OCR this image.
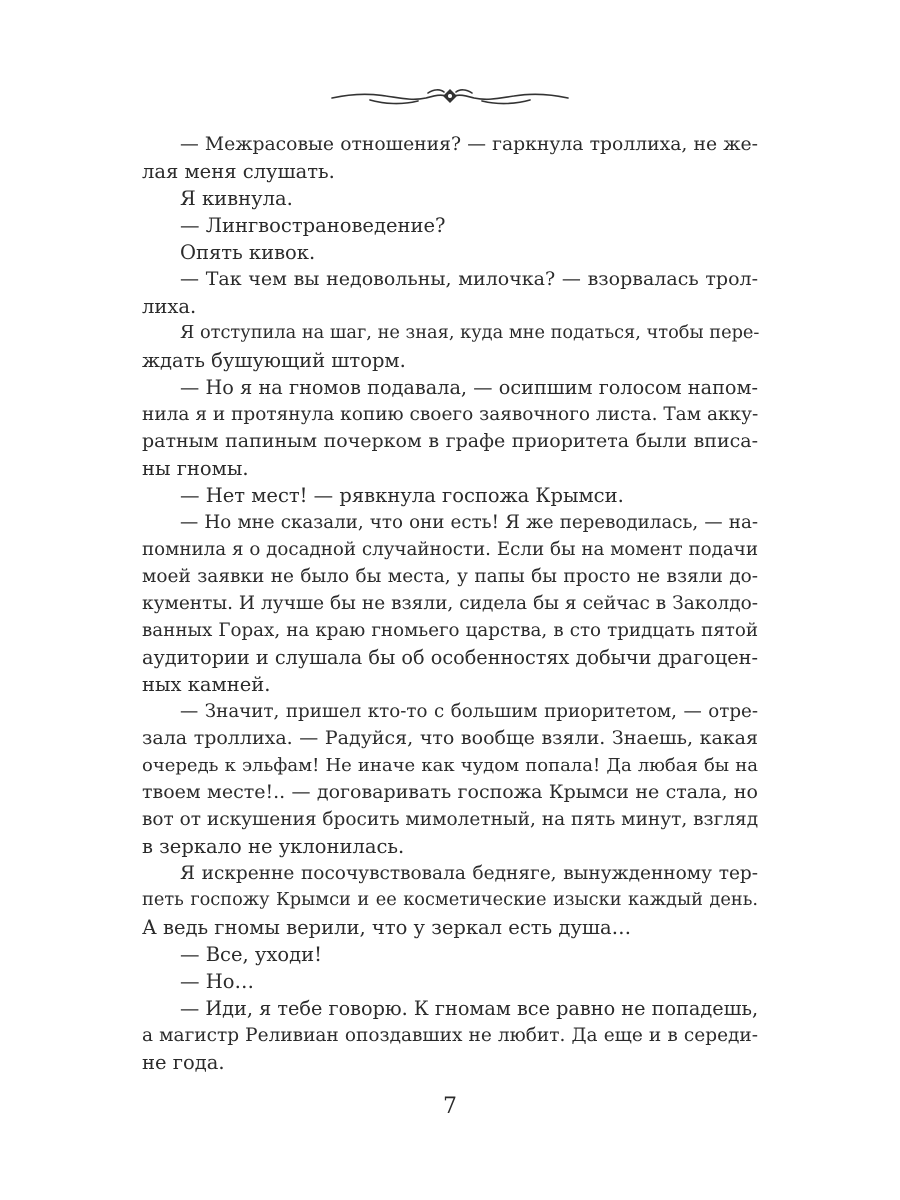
— Межрасовые отношения? — гаркнула троллиха, не же-
лая меня слушать.
Я кивнула.
— Лингвострановедение?
Опять кивок.
— Так чем вы недовольны, милочка? — взорвалась трол-
лиха.
Я отступила на шаг, не зная, куда мне податься, чтобы пере-
ждать бушующий шторм.
— Но я на гномов подавала, — осипшим голосом напом-
нила я и протянула копию своего заявочного листа. Там акку-
ратным папиным почерком в графе приоритета были вписа-
ны гномы.
— Нет мест! — рявкнула госпожа Крымси.
— Но мне сказали, что они есть! Я же переводилась, — на-
помнила я о досадной случайности. Если бы на момент подачи
моей заявки не было бы места, у папы бы просто не взяли до-
кументы. И лучше бы не взяли, сидела бы я сейчас в Заколдо-
ванных Горах, на краю гномьего царства, в сто тридцать пятой
аудитории и слушала бы об особенностях добычи драгоцен-
ных камней.
— Значит, пришел кто-то с большим приоритетом, — отре-
зала троллиха. — Радуйся, что вообще взяли. Знаешь, какая
очередь к эльфам! Не иначе как чудом попала! Да любая бы на
твоем месте!.. — договаривать госпожа Крымси не стала, но
вот от искушения бросить мимолетный, на пять минут, взгляд
в зеркало не уклонилась.
Я искренне посочувствовала бедняге, вынужденному тер-
петь госпожу Крымси и ее косметические изыски каждый день.
А ведь гномы верили, что у зеркал есть душа…
— Все, уходи!
— Но…
— Иди, я тебе говорю. К гномам все равно не попадешь,
а магистр Реливиан опоздавших не любит. Да еще и в середи-
не года.
7
